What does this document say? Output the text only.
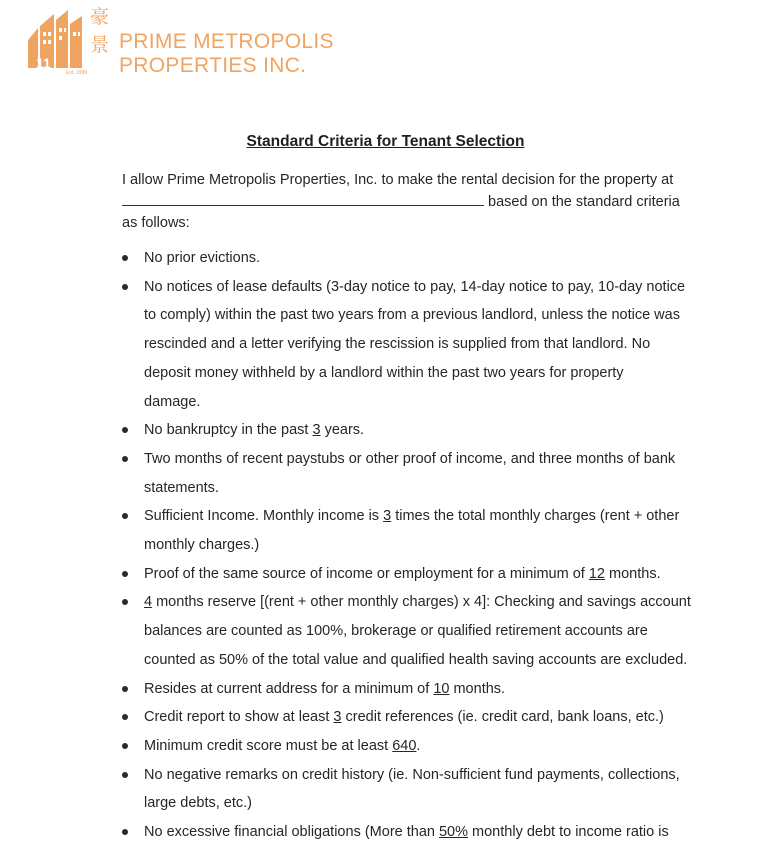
11
Est. 1999
豪
景 PRIME METROPOLIS
PROPERTIES INC.
Standard Criteria for Tenant Selection

I allow Prime Metropolis Properties, Inc. to make the rental decision for the property at

based on the standard criteria

as follows:

No prior evictions.
No notices of lease defaults (3-day notice to pay, 14-day notice to pay, 10-day notice
to comply) within the past two years from a previous landlord, unless the notice was
rescinded and a letter verifying the rescission is supplied from that landlord. No
deposit money withheld by a landlord within the past two years for property
damage.
No bankruptcy in the past 3 years.
Two months of recent paystubs or other proof of income, and three months of bank
statements.
Sufficient Income. Monthly income is 3 times the total monthly charges (rent + other
monthly charges.)
Proof of the same source of income or employment for a minimum of 12 months.
4 months reserve [(rent + other monthly charges) x 4]: Checking and savings account
balances are counted as 100%, brokerage or qualified retirement accounts are
counted as 50% of the total value and qualified health saving accounts are excluded.
Resides at current address for a minimum of 10 months.
Credit report to show at least 3 credit references (ie. credit card, bank loans, etc.)
Minimum credit score must be at least 640.
No negative remarks on credit history (ie. Non-sufficient fund payments, collections,
large debts, etc.)
No excessive financial obligations (More than 50% monthly debt to income ratio is
